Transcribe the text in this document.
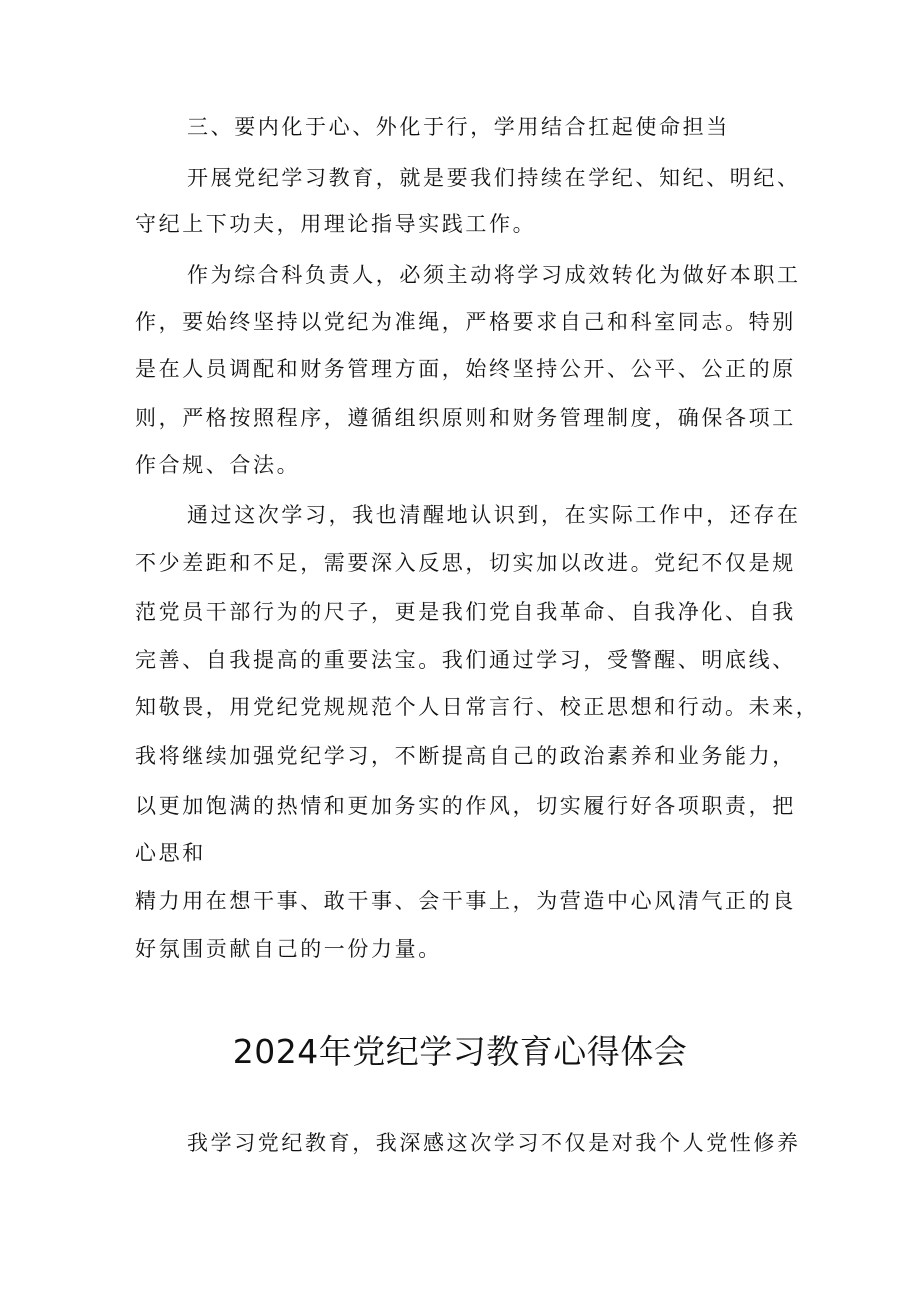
三、要内化于心、外化于行，学用结合扛起使命担当
开展党纪学习教育，就是要我们持续在学纪、知纪、明纪、
守纪上下功夫，用理论指导实践工作。
作为综合科负责人，必须主动将学习成效转化为做好本职工
作，要始终坚持以党纪为准绳，严格要求自己和科室同志。特别
是在人员调配和财务管理方面，始终坚持公开、公平、公正的原
则，严格按照程序，遵循组织原则和财务管理制度，确保各项工
作合规、合法。
通过这次学习，我也清醒地认识到，在实际工作中，还存在
不少差距和不足，需要深入反思，切实加以改进。党纪不仅是规
范党员干部行为的尺子，更是我们党自我革命、自我净化、自我
完善、自我提高的重要法宝。我们通过学习，受警醒、明底线、
知敬畏，用党纪党规规范个人日常言行、校正思想和行动。未来，
我将继续加强党纪学习，不断提高自己的政治素养和业务能力，
以更加饱满的热情和更加务实的作风，切实履行好各项职责，把
心思和
精力用在想干事、敢干事、会干事上，为营造中心风清气正的良
好氛围贡献自己的一份力量。
2024年党纪学习教育心得体会
我学习党纪教育，我深感这次学习不仅是对我个人党性修养
